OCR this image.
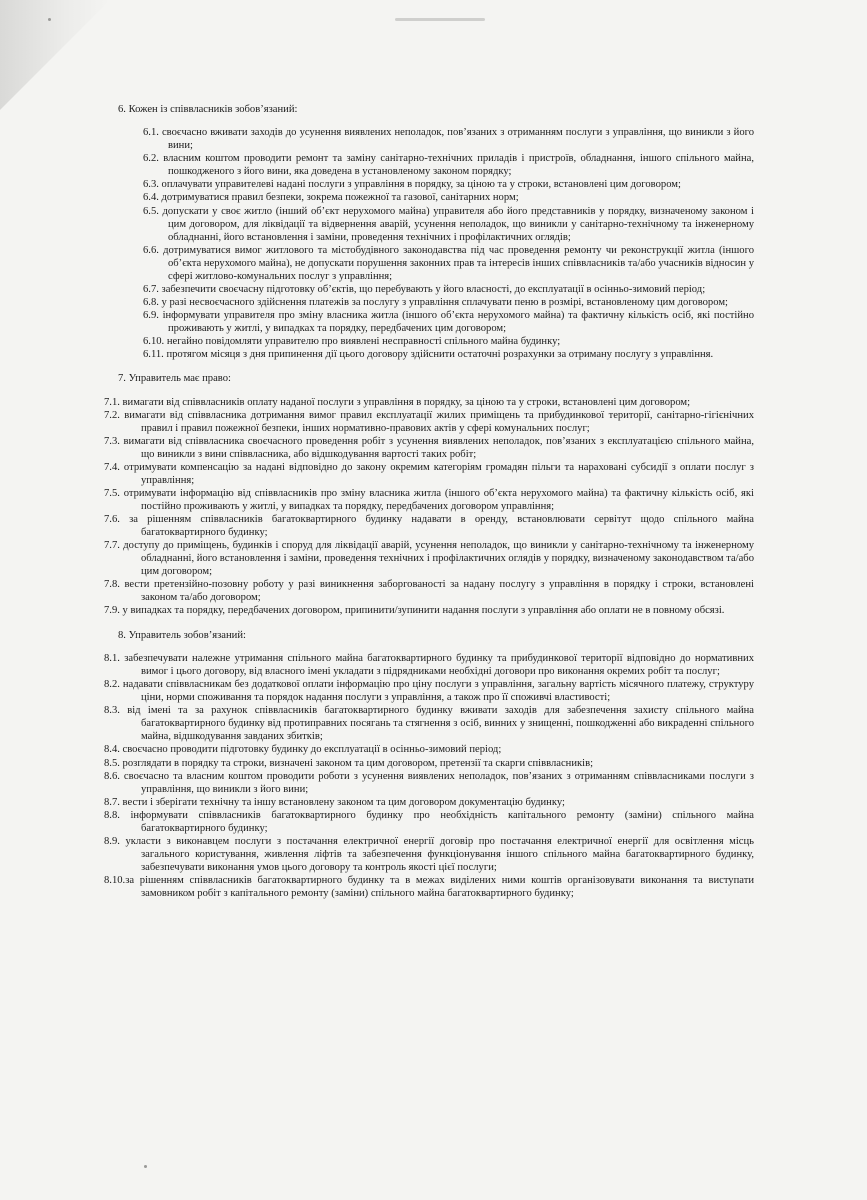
6. Кожен із співвласників зобов’язаний:

6.1. своєчасно вживати заходів до усунення виявлених неполадок, пов’язаних з отриманням послуги з управління, що виникли з його вини;

6.2. власним коштом проводити ремонт та заміну санітарно-технічних приладів і пристроїв, обладнання, іншого спільного майна, пошкодженого з його вини, яка доведена в установленому законом порядку;

6.3. оплачувати управителеві надані послуги з управління в порядку, за ціною та у строки, встановлені цим договором;

6.4. дотримуватися правил безпеки, зокрема пожежної та газової, санітарних норм;

6.5. допускати у своє житло (інший об’єкт нерухомого майна) управителя або його представників у порядку, визначеному законом і цим договором, для ліквідації та відвернення аварій, усунення неполадок, що виникли у санітарно-технічному та інженерному обладнанні, його встановлення і заміни, проведення технічних і профілактичних оглядів;

6.6. дотримуватися вимог житлового та містобудівного законодавства під час проведення ремонту чи реконструкції житла (іншого об’єкта нерухомого майна), не допускати порушення законних прав та інтересів інших співвласників та/або учасників відносин у сфері житлово-комунальних послуг з управління;

6.7. забезпечити своєчасну підготовку об’єктів, що перебувають у його власності, до експлуатації в осінньо-зимовий період;

6.8. у разі несвоєчасного здійснення платежів за послугу з управління сплачувати пеню в розмірі, встановленому цим договором;

6.9. інформувати управителя про зміну власника житла (іншого об’єкта нерухомого майна) та фактичну кількість осіб, які постійно проживають у житлі, у випадках та порядку, передбачених цим договором;

6.10. негайно повідомляти управителю про виявлені несправності спільного майна будинку;

6.11. протягом місяця з дня припинення дії цього договору здійснити остаточні розрахунки за отриману послугу з управління.

7. Управитель має право:

7.1. вимагати від співвласників оплату наданої послуги з управління в порядку, за ціною та у строки, встановлені цим договором;

7.2. вимагати від співвласника дотримання вимог правил експлуатації жилих приміщень та прибудинкової території, санітарно-гігієнічних правил і правил пожежної безпеки, інших нормативно-правових актів у сфері комунальних послуг;

7.3. вимагати від співвласника своєчасного проведення робіт з усунення виявлених неполадок, пов’язаних з експлуатацією спільного майна, що виникли з вини співвласника, або відшкодування вартості таких робіт;

7.4. отримувати компенсацію за надані відповідно до закону окремим категоріям громадян пільги та нараховані субсидії з оплати послуг з управління;

7.5. отримувати інформацію від співвласників про зміну власника житла (іншого об’єкта нерухомого майна) та фактичну кількість осіб, які постійно проживають у житлі, у випадках та порядку, передбачених договором управління;

7.6. за рішенням співвласників багатоквартирного будинку надавати в оренду, встановлювати сервітут щодо спільного майна багатоквартирного будинку;

7.7. доступу до приміщень, будинків і споруд для ліквідації аварій, усунення неполадок, що виникли у санітарно-технічному та інженерному обладнанні, його встановлення і заміни, проведення технічних і профілактичних оглядів у порядку, визначеному законодавством та/або цим договором;

7.8. вести претензійно-позовну роботу у разі виникнення заборгованості за надану послугу з управління в порядку і строки, встановлені законом та/або договором;

7.9. у випадках та порядку, передбачених договором, припинити/зупинити надання послуги з управління або оплати не в повному обсязі.

8. Управитель зобов’язаний:

8.1. забезпечувати належне утримання спільного майна багатоквартирного будинку та прибудинкової території відповідно до нормативних вимог і цього договору, від власного імені укладати з підрядниками необхідні договори про виконання окремих робіт та послуг;

8.2. надавати співвласникам без додаткової оплати інформацію про ціну послуги з управління, загальну вартість місячного платежу, структуру ціни, норми споживання та порядок надання послуги з управління, а також про її споживчі властивості;

8.3. від імені та за рахунок співвласників багатоквартирного будинку вживати заходів для забезпечення захисту спільного майна багатоквартирного будинку від протиправних посягань та стягнення з осіб, винних у знищенні, пошкодженні або викраденні спільного майна, відшкодування завданих збитків;

8.4. своєчасно проводити підготовку будинку до експлуатації в осінньо-зимовий період;

8.5. розглядати в порядку та строки, визначені законом та цим договором, претензії та скарги співвласників;

8.6. своєчасно та власним коштом проводити роботи з усунення виявлених неполадок, пов’язаних з отриманням співвласниками послуги з управління, що виникли з його вини;

8.7. вести і зберігати технічну та іншу встановлену законом та цим договором документацію будинку;

8.8. інформувати співвласників багатоквартирного будинку про необхідність капітального ремонту (заміни) спільного майна багатоквартирного будинку;

8.9. укласти з виконавцем послуги з постачання електричної енергії договір про постачання електричної енергії для освітлення місць загального користування, живлення ліфтів та забезпечення функціонування іншого спільного майна багатоквартирного будинку, забезпечувати виконання умов цього договору та контроль якості цієї послуги;

8.10.за рішенням співвласників багатоквартирного будинку та в межах виділених ними коштів організовувати виконання та виступати замовником робіт з капітального ремонту (заміни) спільного майна багатоквартирного будинку;
